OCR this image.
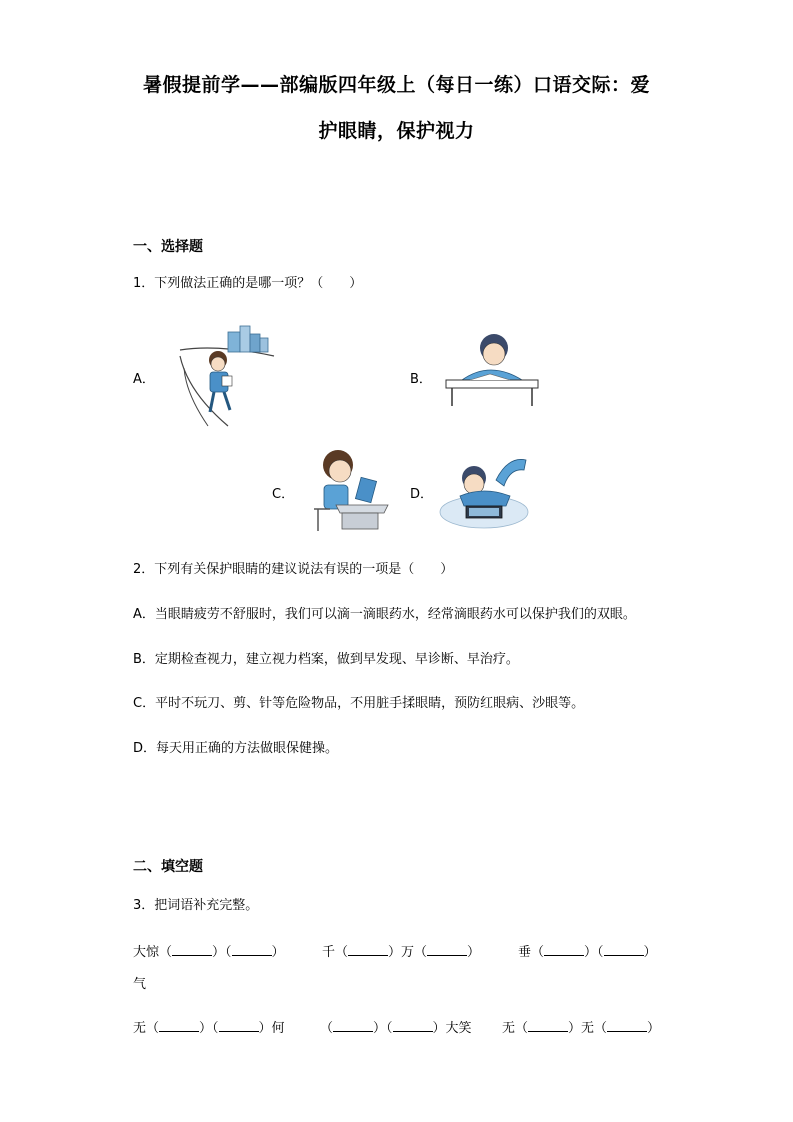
暑假提前学——部编版四年级上（每日一练）口语交际：爱
护眼睛，保护视力
一、选择题
1．下列做法正确的是哪一项？（　　）
A．	B．
C．	D．
2．下列有关保护眼睛的建议说法有误的一项是（　　）
A．当眼睛疲劳不舒服时，我们可以滴一滴眼药水，经常滴眼药水可以保护我们的双眼。
B．定期检查视力，建立视力档案，做到早发现、早诊断、早治疗。
C．平时不玩刀、剪、针等危险物品，不用脏手揉眼睛，预防红眼病、沙眼等。
D．每天用正确的方法做眼保健操。
二、填空题
3．把词语补充完整。
大惊（	）（	）	千（	）万（	）	垂（	）（	）
气
无（	）（	）何	（	）（	）大笑 无（	）无（	）
